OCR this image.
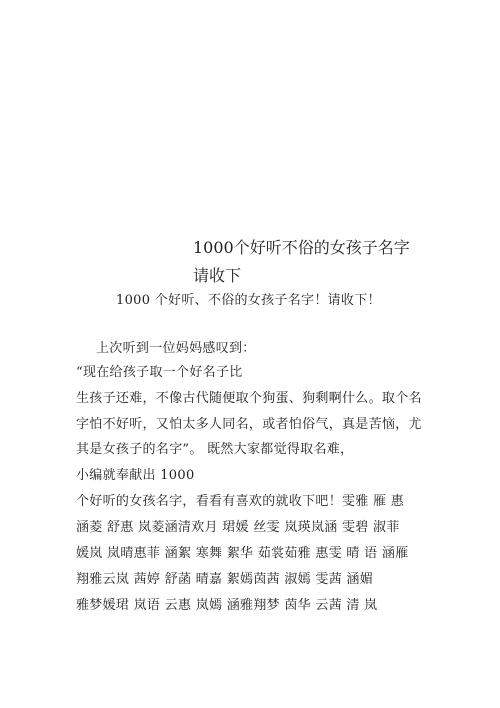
1000个好听不俗的女孩子名字
请收下
1000 个好听、不俗的女孩子名字！请收下！
上次听到一位妈妈感叹到：
“现在给孩子取一个好名子比
生孩子还难，不像古代随便取个狗蛋、狗剩啊什么。取个名
字怕不好听，又怕太多人同名，或者怕俗气，真是苦恼，尤
其是女孩子的名字”。 既然大家都觉得取名难，
小编就奉献出 1000
个好听的女孩名字，看看有喜欢的就收下吧！雯雅 雁 惠
涵菱 舒惠 岚菱涵清欢月 珺媛 丝雯 岚瑛岚涵 雯碧 淑菲
媛岚 岚晴惠菲 涵絮 寒舞 絮华 茹裳茹雅 惠雯 晴 语 涵雁
翔雅云岚 茜婷 舒菡 晴嘉 絮嫣茵茜 淑嫣 雯茜 涵媚
雅梦媛珺 岚语 云惠 岚嫣 涵雅翔梦 茵华 云茜 清 岚
